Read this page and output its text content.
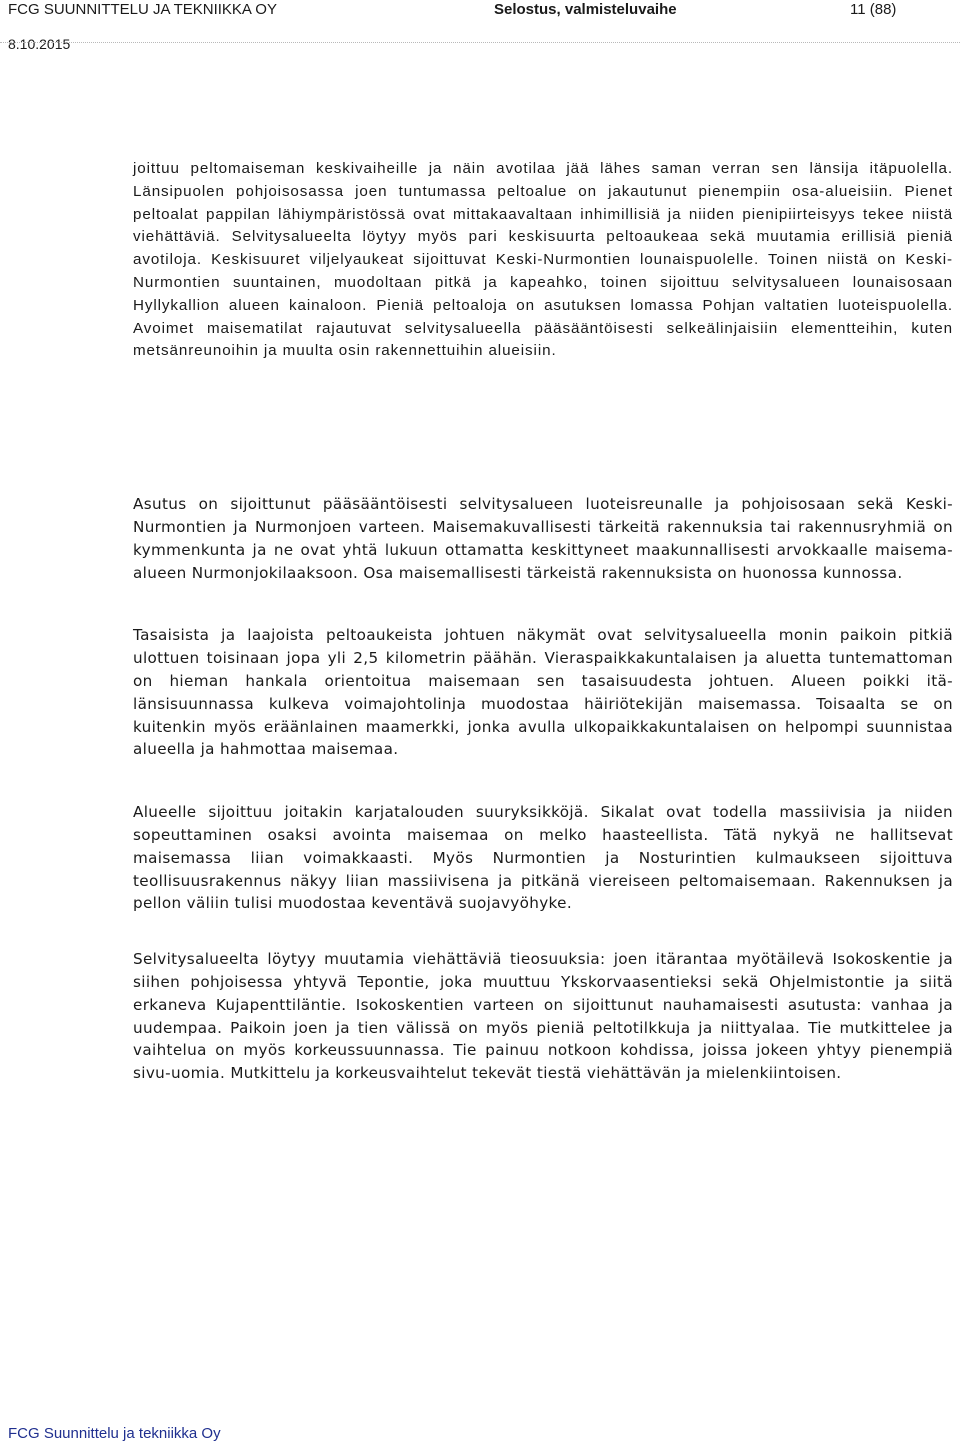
FCG SUUNNITTELU JA TEKNIIKKA OY	Selostus, valmisteluvaihe	11 (88)
8.10.2015

joittuu peltomaiseman keskivaiheille ja näin avotilaa jää lähes saman verran sen länsija itäpuolella. Länsipuolen pohjoisosassa joen tuntumassa peltoalue on jakautunut pienempiin osa-alueisiin. Pienet peltoalat pappilan lähiympäristössä ovat mittakaavaltaan inhimillisiä ja niiden pienipiirteisyys tekee niistä viehättäviä. Selvitysalueelta löytyy myös pari keskisuurta peltoaukeaa sekä muutamia erillisiä pieniä avotiloja. Keskisuuret viljelyaukeat sijoittuvat Keski-Nurmontien lounaispuolelle. Toinen niistä on Keski-Nurmontien suuntainen, muodoltaan pitkä ja kapeahko, toinen sijoittuu selvitysalueen lounaisosaan Hyllykallion alueen kainaloon. Pieniä peltoaloja on asutuksen lomassa Pohjan valtatien luoteispuolella. Avoimet maisematilat rajautuvat selvitysalueella pääsääntöisesti selkeälinjaisiin elementteihin, kuten metsänreunoihin ja muulta osin rakennettuihin alueisiin.

Asutus on sijoittunut pääsääntöisesti selvitysalueen luoteisreunalle ja pohjoisosaan sekä Keski-Nurmontien ja Nurmonjoen varteen. Maisemakuvallisesti tärkeitä rakennuksia tai rakennusryhmiä on kymmenkunta ja ne ovat yhtä lukuun ottamatta keskittyneet maakunnallisesti arvokkaalle maisema-alueen Nurmonjokilaaksoon. Osa maisemallisesti tärkeistä rakennuksista on huonossa kunnossa.

Tasaisista ja laajoista peltoaukeista johtuen näkymät ovat selvitysalueella monin paikoin pitkiä ulottuen toisinaan jopa yli 2,5 kilometrin päähän. Vieraspaikkakuntalaisen ja aluetta tuntemattoman on hieman hankala orientoitua maisemaan sen tasaisuudesta johtuen. Alueen poikki itä-länsisuunnassa kulkeva voimajohtolinja muodostaa häiriötekijän maisemassa. Toisaalta se on kuitenkin myös eräänlainen maamerkki, jonka avulla ulkopaikkakuntalaisen on helpompi suunnistaa alueella ja hahmottaa maisemaa.

Alueelle sijoittuu joitakin karjatalouden suuryksikköjä. Sikalat ovat todella massiivisia ja niiden sopeuttaminen osaksi avointa maisemaa on melko haasteellista. Tätä nykyä ne hallitsevat maisemassa liian voimakkaasti. Myös Nurmontien ja Nosturintien kulmaukseen sijoittuva teollisuusrakennus näkyy liian massiivisena ja pitkänä viereiseen peltomaisemaan. Rakennuksen ja pellon väliin tulisi muodostaa keventävä suojavyöhyke.

Selvitysalueelta löytyy muutamia viehättäviä tieosuuksia: joen itärantaa myötäilevä Isokoskentie ja siihen pohjoisessa yhtyvä Tepontie, joka muuttuu Ykskorvaasentieksi sekä Ohjelmistontie ja siitä erkaneva Kujapenttiläntie. Isokoskentien varteen on sijoittunut nauhamaisesti asutusta: vanhaa ja uudempaa. Paikoin joen ja tien välissä on myös pieniä peltotilkkuja ja niittyalaa. Tie mutkittelee ja vaihtelua on myös korkeussuunnassa. Tie painuu notkoon kohdissa, joissa jokeen yhtyy pienempiä sivu-uomia. Mutkittelu ja korkeusvaihtelut tekevät tiestä viehättävän ja mielenkiintoisen.

FCG Suunnittelu ja tekniikka Oy
